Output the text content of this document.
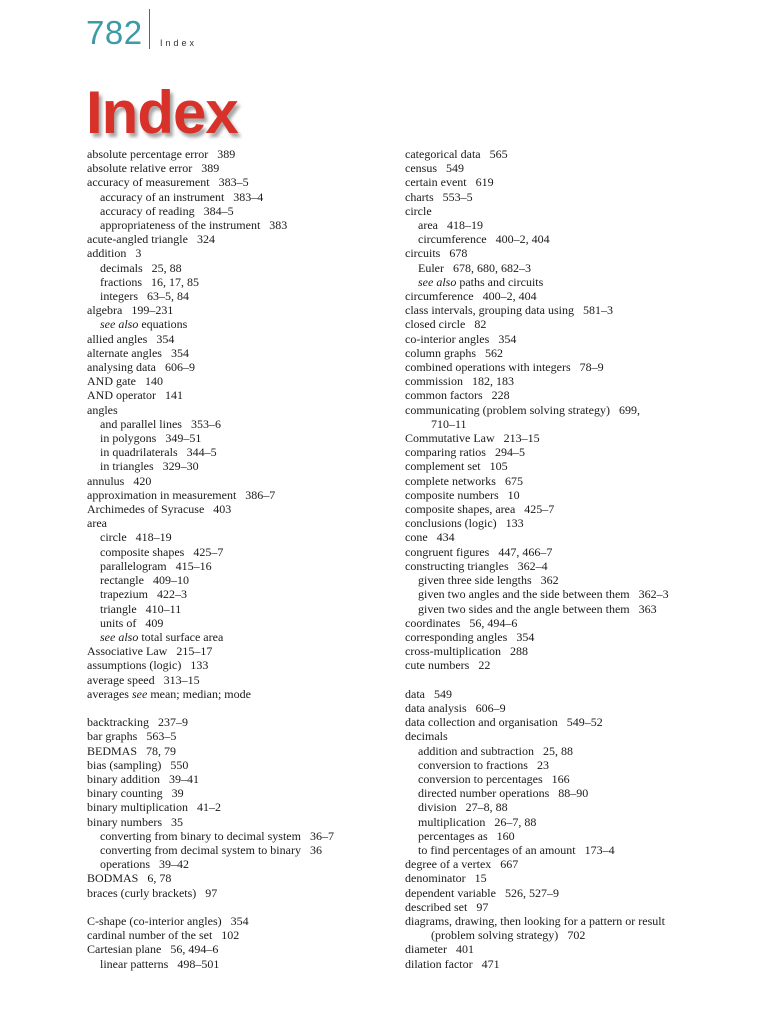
782 Index
Index
absolute percentage error 389
absolute relative error 389
accuracy of measurement 383–5
accuracy of an instrument 383–4
accuracy of reading 384–5
appropriateness of the instrument 383
acute-angled triangle 324
addition 3
decimals 25, 88
fractions 16, 17, 85
integers 63–5, 84
algebra 199–231
see also equations
allied angles 354
alternate angles 354
analysing data 606–9
AND gate 140
AND operator 141
angles
and parallel lines 353–6
in polygons 349–51
in quadrilaterals 344–5
in triangles 329–30
annulus 420
approximation in measurement 386–7
Archimedes of Syracuse 403
area
circle 418–19
composite shapes 425–7
parallelogram 415–16
rectangle 409–10
trapezium 422–3
triangle 410–11
units of 409
see also total surface area
Associative Law 215–17
assumptions (logic) 133
average speed 313–15
averages see mean; median; mode
backtracking 237–9
bar graphs 563–5
BEDMAS 78, 79
bias (sampling) 550
binary addition 39–41
binary counting 39
binary multiplication 41–2
binary numbers 35
converting from binary to decimal system 36–7
converting from decimal system to binary 36
operations 39–42
BODMAS 6, 78
braces (curly brackets) 97
C-shape (co-interior angles) 354
cardinal number of the set 102
Cartesian plane 56, 494–6
linear patterns 498–501
categorical data 565
census 549
certain event 619
charts 553–5
circle
area 418–19
circumference 400–2, 404
circuits 678
Euler 678, 680, 682–3
see also paths and circuits
circumference 400–2, 404
class intervals, grouping data using 581–3
closed circle 82
co-interior angles 354
column graphs 562
combined operations with integers 78–9
commission 182, 183
common factors 228
communicating (problem solving strategy) 699,
710–11
Commutative Law 213–15
comparing ratios 294–5
complement set 105
complete networks 675
composite numbers 10
composite shapes, area 425–7
conclusions (logic) 133
cone 434
congruent figures 447, 466–7
constructing triangles 362–4
given three side lengths 362
given two angles and the side between them 362–3
given two sides and the angle between them 363
coordinates 56, 494–6
corresponding angles 354
cross-multiplication 288
cute numbers 22
data 549
data analysis 606–9
data collection and organisation 549–52
decimals
addition and subtraction 25, 88
conversion to fractions 23
conversion to percentages 166
directed number operations 88–90
division 27–8, 88
multiplication 26–7, 88
percentages as 160
to find percentages of an amount 173–4
degree of a vertex 667
denominator 15
dependent variable 526, 527–9
described set 97
diagrams, drawing, then looking for a pattern or result
(problem solving strategy) 702
diameter 401
dilation factor 471
